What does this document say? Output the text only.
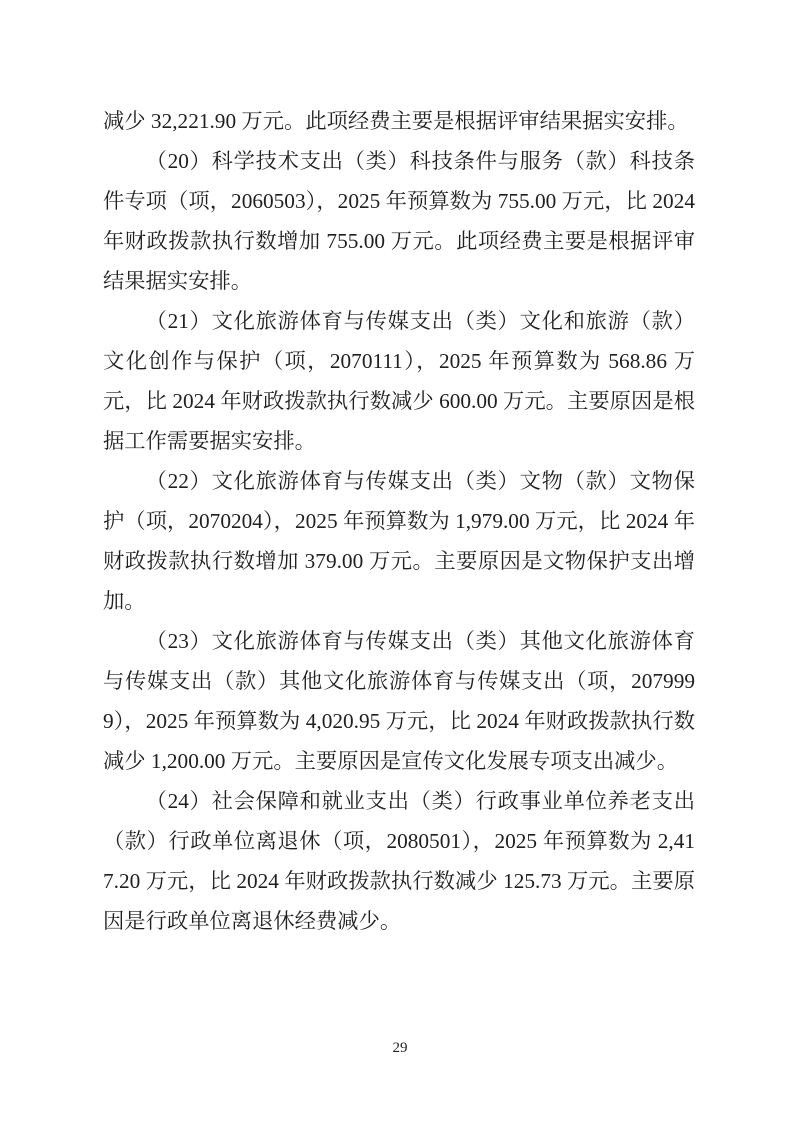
减少 32,221.90 万元。此项经费主要是根据评审结果据实安排。

（20）科学技术支出（类）科技条件与服务（款）科技条件专项（项，2060503），2025 年预算数为 755.00 万元，比 2024 年财政拨款执行数增加 755.00 万元。此项经费主要是根据评审结果据实安排。

（21）文化旅游体育与传媒支出（类）文化和旅游（款）文化创作与保护（项，2070111），2025 年预算数为 568.86 万元，比 2024 年财政拨款执行数减少 600.00 万元。主要原因是根据工作需要据实安排。

（22）文化旅游体育与传媒支出（类）文物（款）文物保护（项，2070204），2025 年预算数为 1,979.00 万元，比 2024 年财政拨款执行数增加 379.00 万元。主要原因是文物保护支出增加。

（23）文化旅游体育与传媒支出（类）其他文化旅游体育与传媒支出（款）其他文化旅游体育与传媒支出（项，2079999），2025 年预算数为 4,020.95 万元，比 2024 年财政拨款执行数减少 1,200.00 万元。主要原因是宣传文化发展专项支出减少。

（24）社会保障和就业支出（类）行政事业单位养老支出（款）行政单位离退休（项，2080501），2025 年预算数为 2,417.20 万元，比 2024 年财政拨款执行数减少 125.73 万元。主要原因是行政单位离退休经费减少。

29
